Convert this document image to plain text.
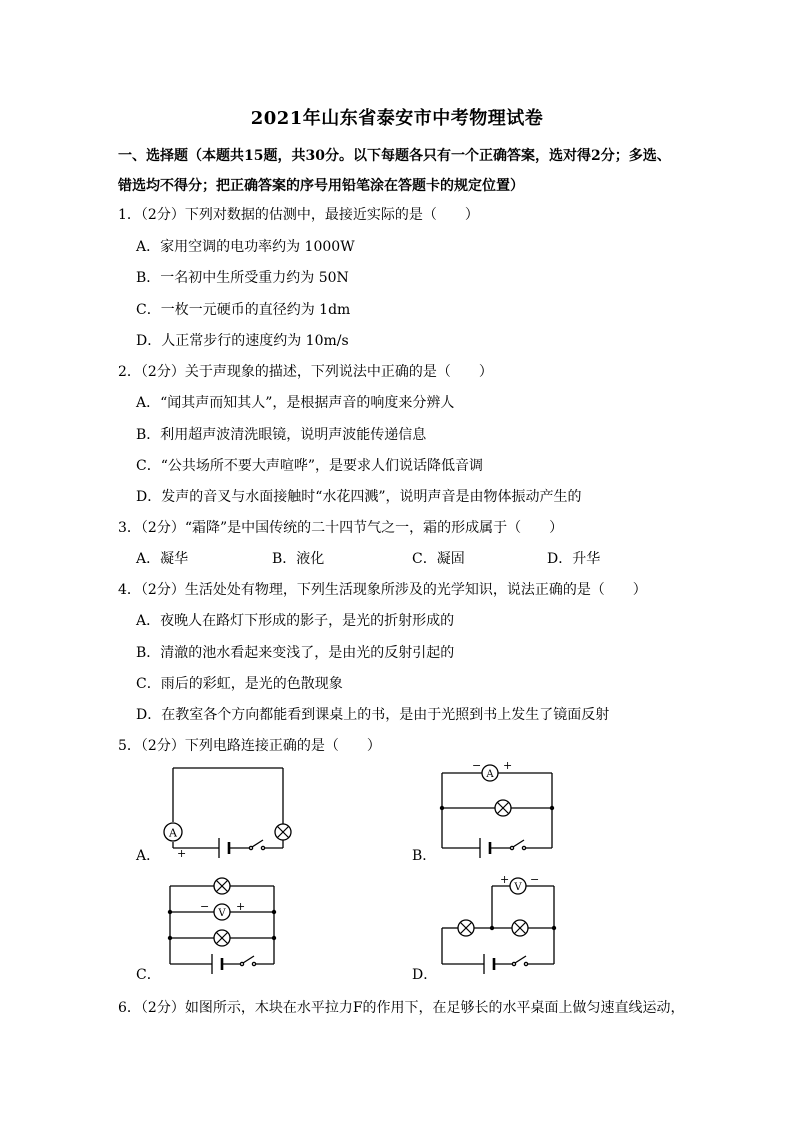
2021年山东省泰安市中考物理试卷
一、选择题（本题共15题，共30分。以下每题各只有一个正确答案，选对得2分；多选、
错选均不得分；把正确答案的序号用铅笔涂在答题卡的规定位置）
1．（2分）下列对数据的估测中，最接近实际的是（　　）
A．家用空调的电功率约为 1000W
B．一名初中生所受重力约为 50N
C．一枚一元硬币的直径约为 1dm
D．人正常步行的速度约为 10m/s
2．（2分）关于声现象的描述，下列说法中正确的是（　　）
A．“闻其声而知其人”，是根据声音的响度来分辨人
B．利用超声波清洗眼镜，说明声波能传递信息
C．“公共场所不要大声喧哗”，是要求人们说话降低音调
D．发声的音叉与水面接触时“水花四溅”，说明声音是由物体振动产生的
3．（2分）“霜降”是中国传统的二十四节气之一，霜的形成属于（　　）
A．凝华	B．液化	C．凝固	D．升华
4．（2分）生活处处有物理，下列生活现象所涉及的光学知识，说法正确的是（　　）
A．夜晚人在路灯下形成的影子，是光的折射形成的
B．清澈的池水看起来变浅了，是由光的反射引起的
C．雨后的彩虹，是光的色散现象
D．在教室各个方向都能看到课桌上的书，是由于光照到书上发生了镜面反射
5．（2分）下列电路连接正确的是（　　）
A．	B．
C．	D．
A
+
A
− +
V
− +
V
+ −
6．（2分）如图所示，木块在水平拉力F的作用下，在足够长的水平桌面上做匀速直线运动，
